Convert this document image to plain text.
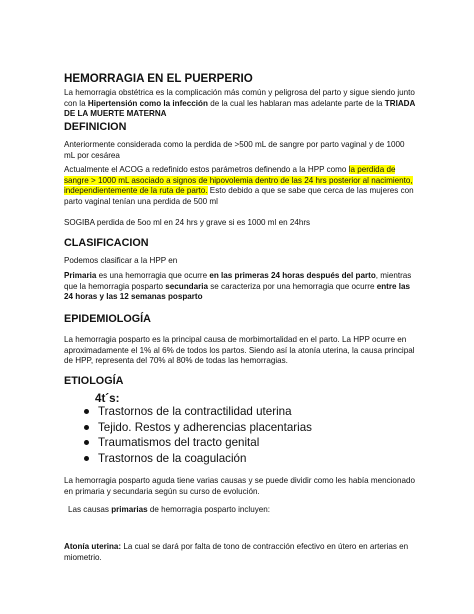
HEMORRAGIA EN EL PUERPERIO

La hemorragia obstétrica es la complicación más común y peligrosa del parto y sigue siendo junto con la Hipertensión como la infección de la cual les hablaran mas adelante parte de la TRIADA DE LA MUERTE MATERNA

DEFINICION

Anteriormente considerada como la perdida de >500 mL de sangre por parto vaginal y de 1000 mL por cesárea

Actualmente el ACOG a redefinido estos parámetros definendo a la HPP como la perdida de sangre > 1000 mL asociado a signos de hipovolemia dentro de las 24 hrs posterior al nacimiento, independientemente de la ruta de parto. Esto debido a que se sabe que cerca de las mujeres con parto vaginal tenían una perdida de 500 ml

SOGIBA perdida de 5oo ml en 24 hrs y grave si es 1000 ml en 24hrs

CLASIFICACION

Podemos clasificar a la HPP en

Primaria es una hemorragia que ocurre en las primeras 24 horas después del parto, mientras que la hemorragia posparto secundaria se caracteriza por una hemorragia que ocurre entre las 24 horas y las 12 semanas posparto

EPIDEMIOLOGÍA

La hemorragia posparto es la principal causa de morbimortalidad en el parto. La HPP ocurre en aproximadamente el 1% al 6% de todos los partos. Siendo así la atonía uterina, la causa principal de HPP, representa del 70% al 80% de todas las hemorragias.

ETIOLOGÍA
4t´s:
Trastornos de la contractilidad uterina
Tejido. Restos y adherencias placentarias
Traumatismos del tracto genital
Trastornos de la coagulación

La hemorragia posparto aguda tiene varias causas y se puede dividir como les había mencionado en primaria y secundaria según su curso de evolución.

Las causas primarias de hemorragia posparto incluyen:

Atonía uterina: La cual se dará por falta de tono de contracción efectivo en útero en arterias en miometrio.
